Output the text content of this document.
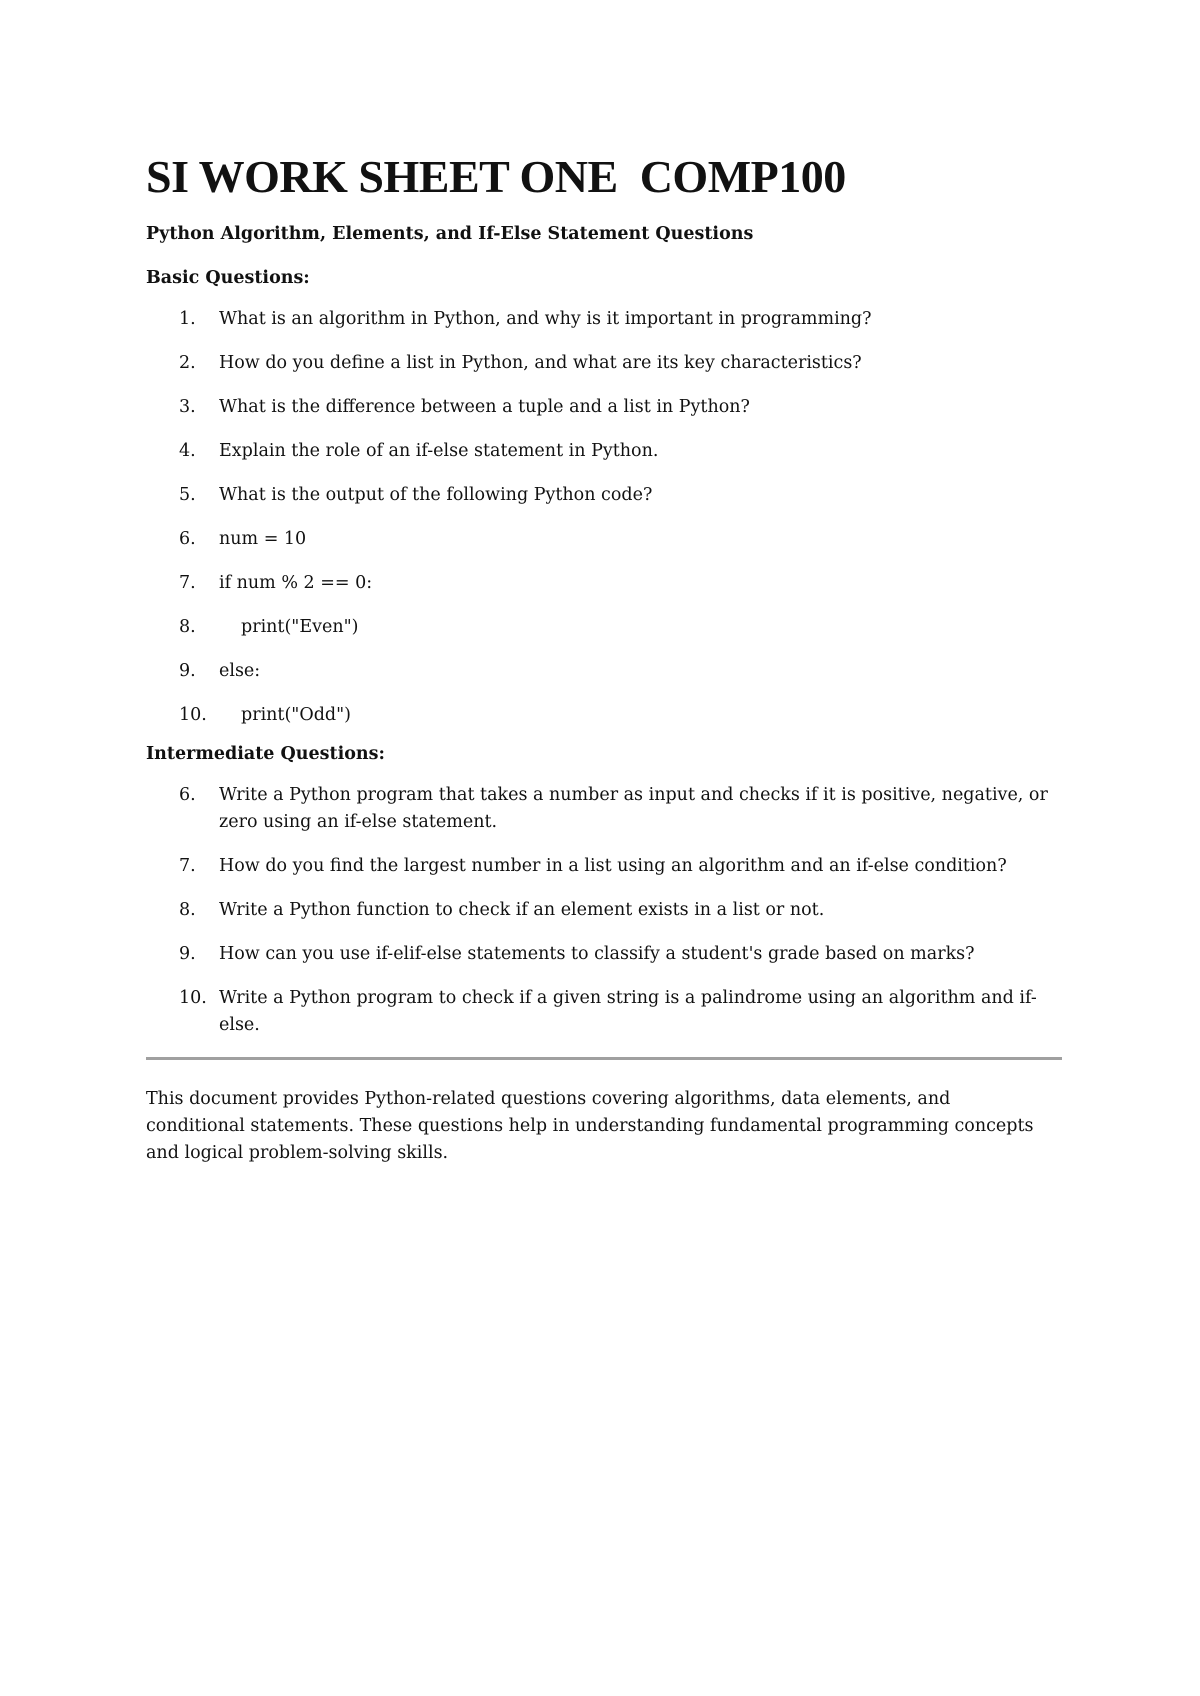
SI WORK SHEET ONE  COMP100

Python Algorithm, Elements, and If-Else Statement Questions

Basic Questions:

1.	What is an algorithm in Python, and why is it important in programming?
2.	How do you define a list in Python, and what are its key characteristics?
3.	What is the difference between a tuple and a list in Python?
4.	Explain the role of an if-else statement in Python.
5.	What is the output of the following Python code?
6.	num = 10
7.	if num % 2 == 0:
8.	print("Even")
9.	else:
10.	print("Odd")

Intermediate Questions:

6.	Write a Python program that takes a number as input and checks if it is positive, negative, or zero using an if-else statement.
7.	How do you find the largest number in a list using an algorithm and an if-else condition?
8.	Write a Python function to check if an element exists in a list or not.
9.	How can you use if-elif-else statements to classify a student's grade based on marks?
10. Write a Python program to check if a given string is a palindrome using an algorithm and if-else.

This document provides Python-related questions covering algorithms, data elements, and conditional statements. These questions help in understanding fundamental programming concepts and logical problem-solving skills.
